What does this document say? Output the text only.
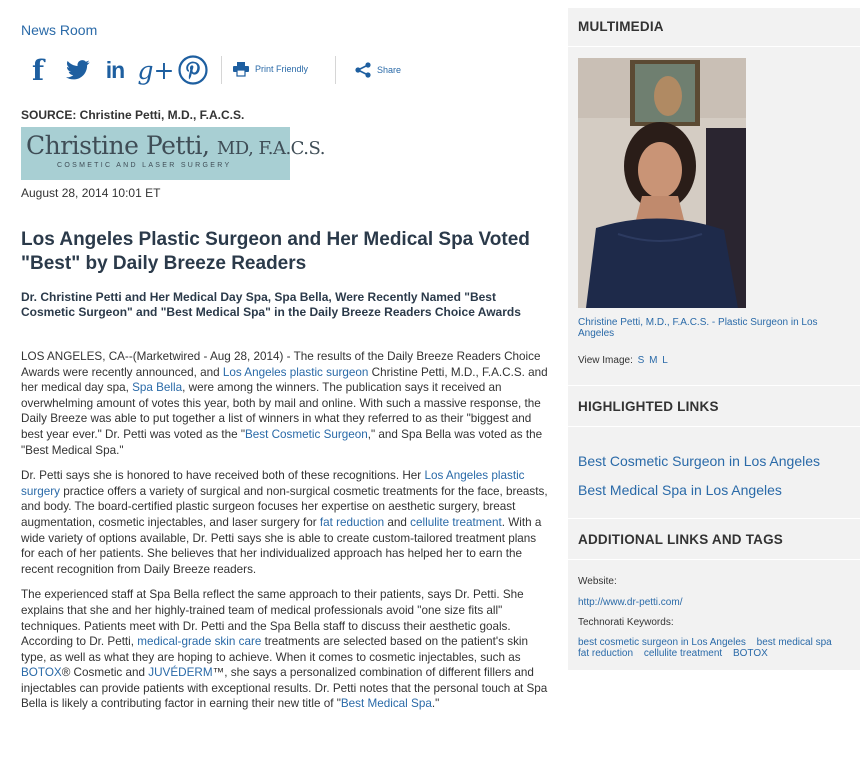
News Room
f	in g+	Print Friendly	Share
SOURCE: Christine Petti, M.D., F.A.C.S.
Christine Petti, MD, F.A.C.S.
COSMETIC AND LASER SURGERY
August 28, 2014 10:01 ET
Los Angeles Plastic Surgeon and Her Medical Spa Voted "Best" by Daily Breeze Readers
Dr. Christine Petti and Her Medical Day Spa, Spa Bella, Were Recently Named "Best Cosmetic Surgeon" and "Best Medical Spa" in the Daily Breeze Readers Choice Awards

LOS ANGELES, CA--(Marketwired - Aug 28, 2014) - The results of the Daily Breeze Readers Choice Awards were recently announced, and Los Angeles plastic surgeon Christine Petti, M.D., F.A.C.S. and her medical day spa, Spa Bella, were among the winners. The publication says it received an overwhelming amount of votes this year, both by mail and online. With such a massive response, the Daily Breeze was able to put together a list of winners in what they referred to as their "biggest and best year ever." Dr. Petti was voted as the "Best Cosmetic Surgeon," and Spa Bella was voted as the "Best Medical Spa."

Dr. Petti says she is honored to have received both of these recognitions. Her Los Angeles plastic surgery practice offers a variety of surgical and non-surgical cosmetic treatments for the face, breasts, and body. The board-certified plastic surgeon focuses her expertise on aesthetic surgery, breast augmentation, cosmetic injectables, and laser surgery for fat reduction and cellulite treatment. With a wide variety of options available, Dr. Petti says she is able to create custom-tailored treatment plans for each of her patients. She believes that her individualized approach has helped her to earn the recent recognition from Daily Breeze readers.

The experienced staff at Spa Bella reflect the same approach to their patients, says Dr. Petti. She explains that she and her highly-trained team of medical professionals avoid "one size fits all" techniques. Patients meet with Dr. Petti and the Spa Bella staff to discuss their aesthetic goals. According to Dr. Petti, medical-grade skin care treatments are selected based on the patient's skin type, as well as what they are hoping to achieve. When it comes to cosmetic injectables, such as BOTOX® Cosmetic and JUVÉDERM™, she says a personalized combination of different fillers and injectables can provide patients with exceptional results. Dr. Petti notes that the personal touch at Spa Bella is likely a contributing factor in earning their new title of "Best Medical Spa."

MULTIMEDIA
Christine Petti, M.D., F.A.C.S. - Plastic Surgeon in Los Angeles
View Image: S M L
HIGHLIGHTED LINKS
Best Cosmetic Surgeon in Los Angeles
Best Medical Spa in Los Angeles
ADDITIONAL LINKS AND TAGS
Website:
http://www.dr-petti.com/
Technorati Keywords:
best cosmetic surgeon in Los Angeles best medical spa fat reduction cellulite treatment BOTOX
